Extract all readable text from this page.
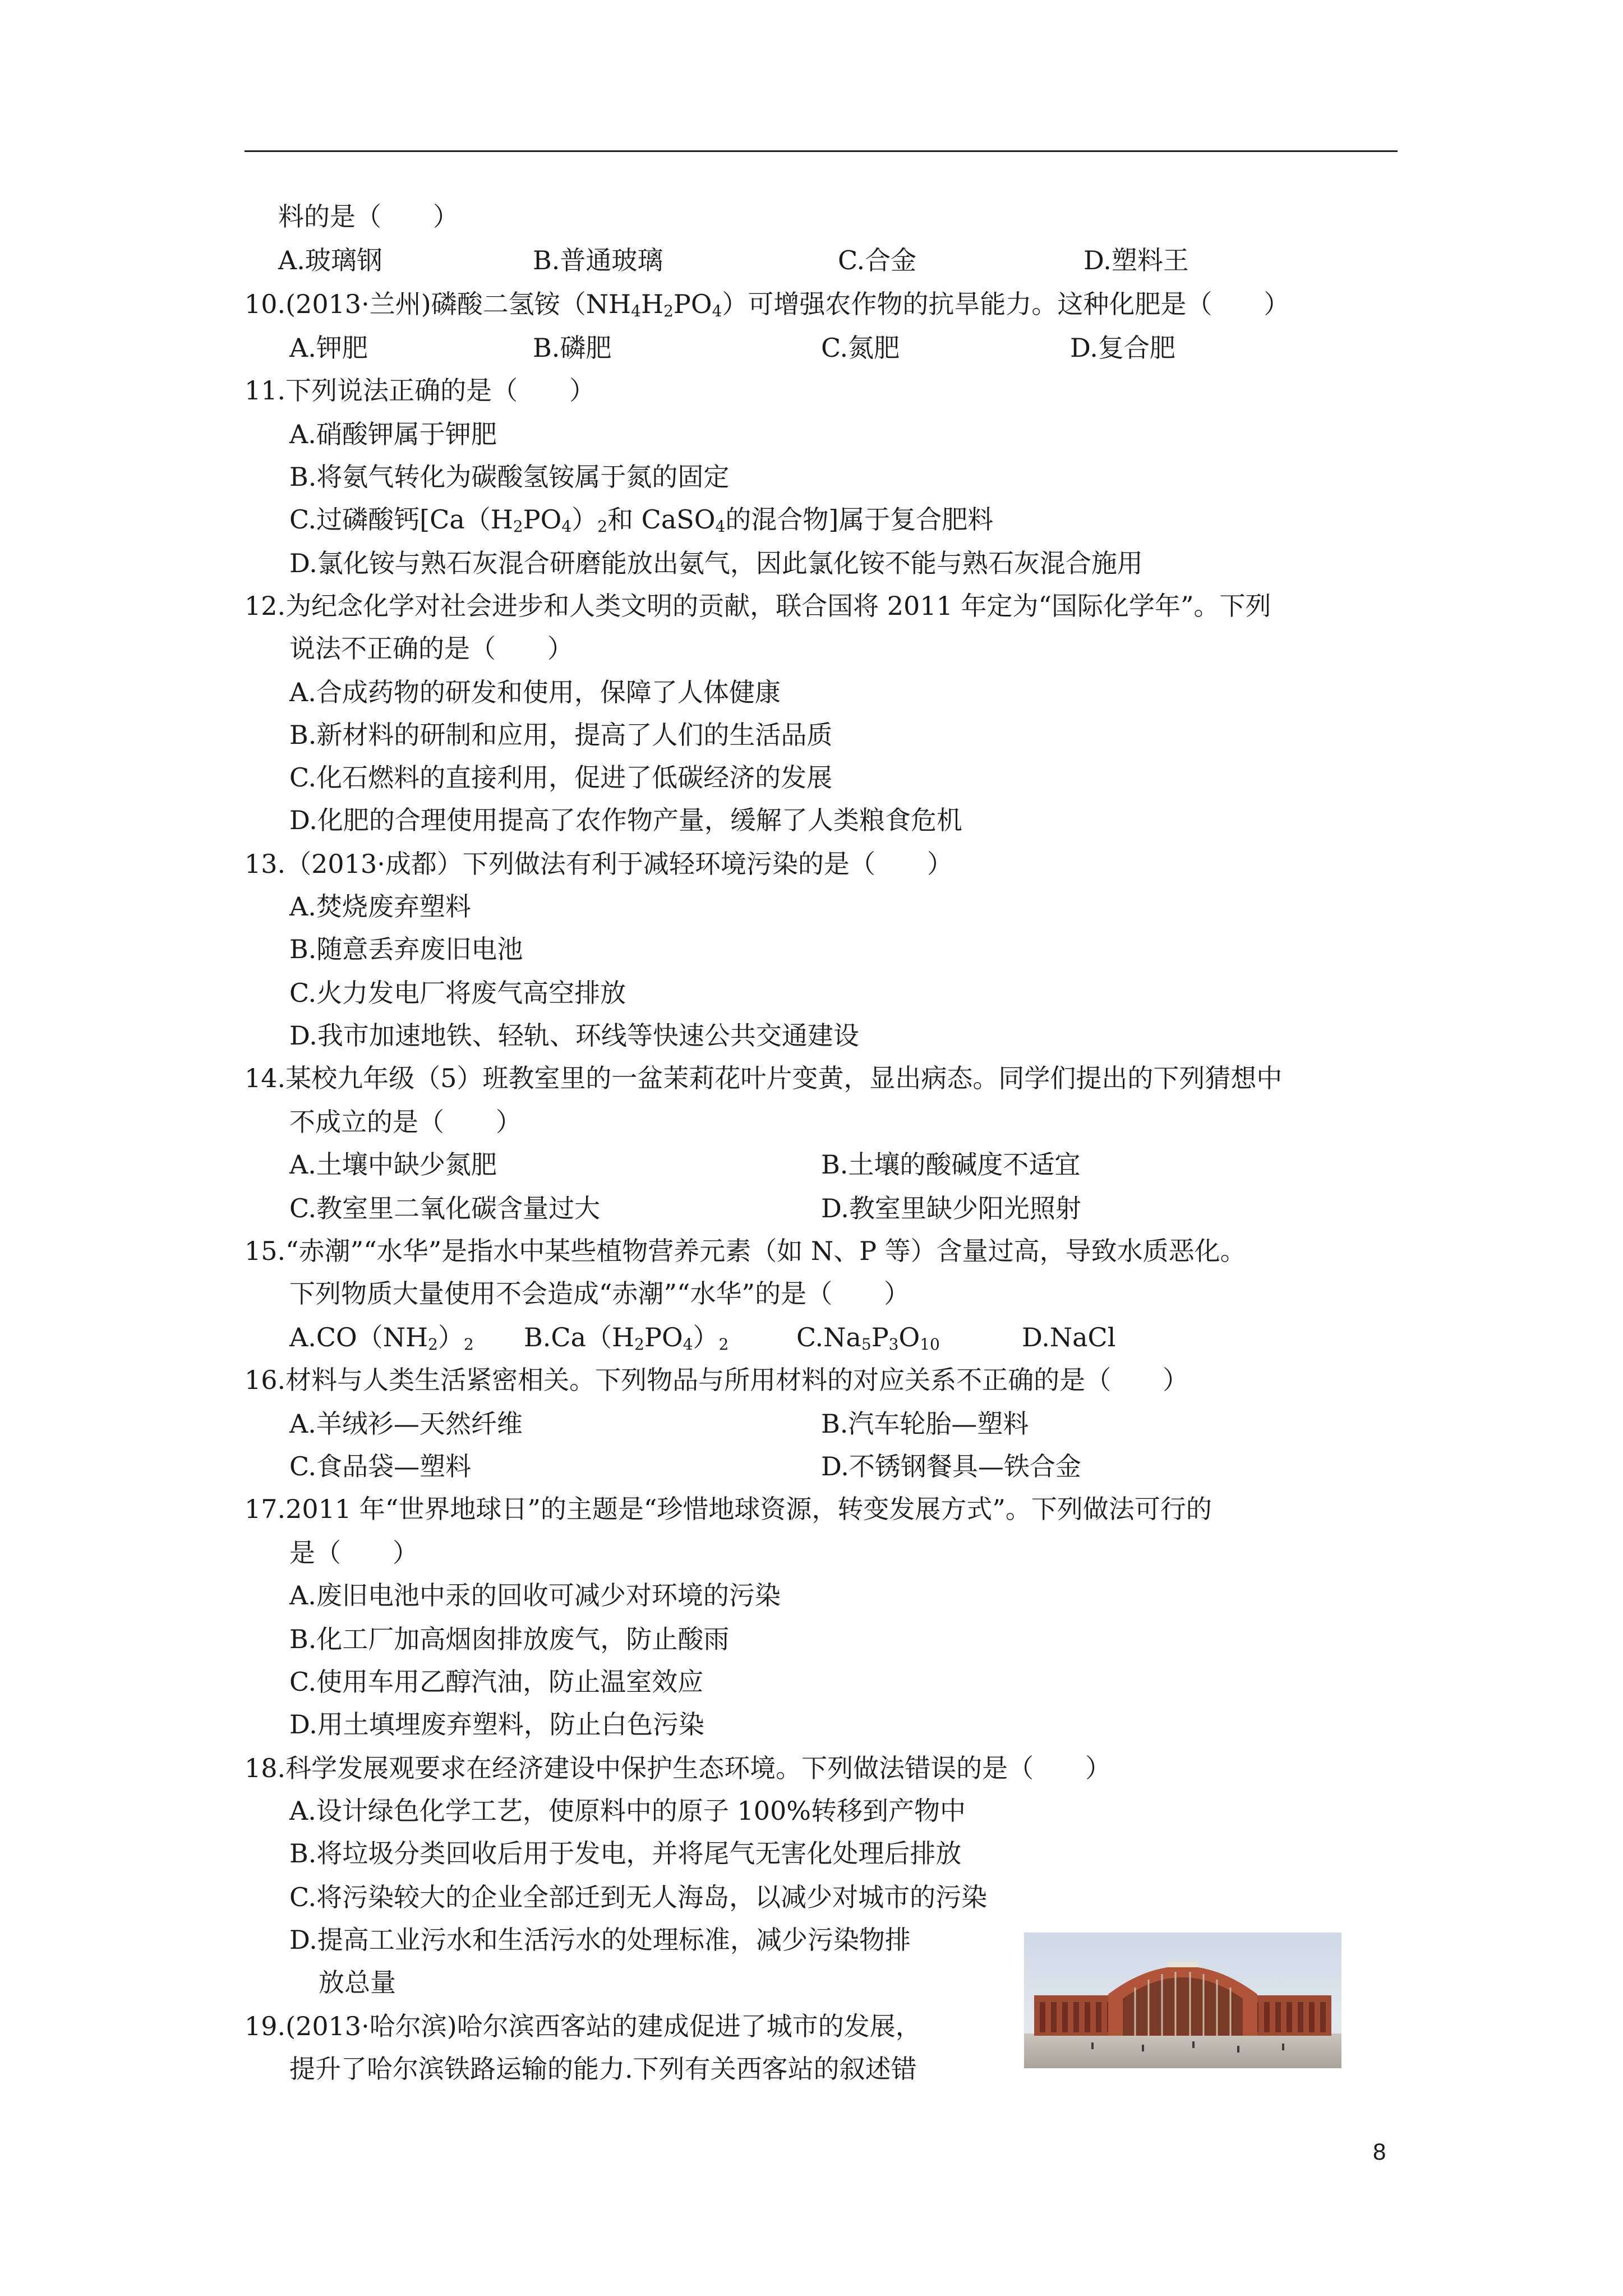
料的是（　　）
A.玻璃钢	B.普通玻璃	C.合金	D.塑料王
10.(2013·兰州)磷酸二氢铵$(NH_4H_2PO_4)$可增强农作物的抗旱能力。这种化肥是（　　）
A.钾肥	B.磷肥	C.氮肥	D.复合肥
11.下列说法正确的是（　　）
A.硝酸钾属于钾肥
B.将氨气转化为碳酸氢铵属于氮的固定
C.过磷酸钙[$Ca(H_2PO_4)_2$和 CaSO$_4$的混合物]属于复合肥料
D.氯化铵与熟石灰混合研磨能放出氨气，因此氯化铵不能与熟石灰混合施用
12.为纪念化学对社会进步和人类文明的贡献，联合国将 2011 年定为“国际化学年”。下列
说法不正确的是（　　）
A.合成药物的研发和使用，保障了人体健康
B.新材料的研制和应用，提高了人们的生活品质
C.化石燃料的直接利用，促进了低碳经济的发展
D.化肥的合理使用提高了农作物产量，缓解了人类粮食危机
13.（2013·成都）下列做法有利于减轻环境污染的是（　　）
A.焚烧废弃塑料
B.随意丢弃废旧电池
C.火力发电厂将废气高空排放
D.我市加速地铁、轻轨、环线等快速公共交通建设
14.某校九年级（5）班教室里的一盆茉莉花叶片变黄，显出病态。同学们提出的下列猜想中
不成立的是（　　）
A.土壤中缺少氮肥	B.土壤的酸碱度不适宜
C.教室里二氧化碳含量过大	D.教室里缺少阳光照射
15.“赤潮”“水华”是指水中某些植物营养元素（如 N、P 等）含量过高，导致水质恶化。
下列物质大量使用不会造成“赤潮”“水华”的是（　　）
$A.CO(NH_2)_2$ $B.Ca(H_2PO_4)_2$	$C.Na_5P_3O_{10}$	D.NaCl
16.材料与人类生活紧密相关。下列物品与所用材料的对应关系不正确的是（　　）
A.羊绒衫—天然纤维	B.汽车轮胎—塑料
C.食品袋—塑料	D.不锈钢餐具—铁合金
17.2011 年“世界地球日”的主题是“珍惜地球资源，转变发展方式”。下列做法可行的
是（　　）
A.废旧电池中汞的回收可减少对环境的污染
B.化工厂加高烟囱排放废气，防止酸雨
C.使用车用乙醇汽油，防止温室效应
D.用土填埋废弃塑料，防止白色污染
18.科学发展观要求在经济建设中保护生态环境。下列做法错误的是（　　）
A.设计绿色化学工艺，使原料中的原子 100%转移到产物中
B.将垃圾分类回收后用于发电，并将尾气无害化处理后排放
C.将污染较大的企业全部迁到无人海岛，以减少对城市的污染
D.提高工业污水和生活污水的处理标准，减少污染物排
放总量
19.(2013·哈尔滨)哈尔滨西客站的建成促进了城市的发展，
提升了哈尔滨铁路运输的能力.下列有关西客站的叙述错
8
